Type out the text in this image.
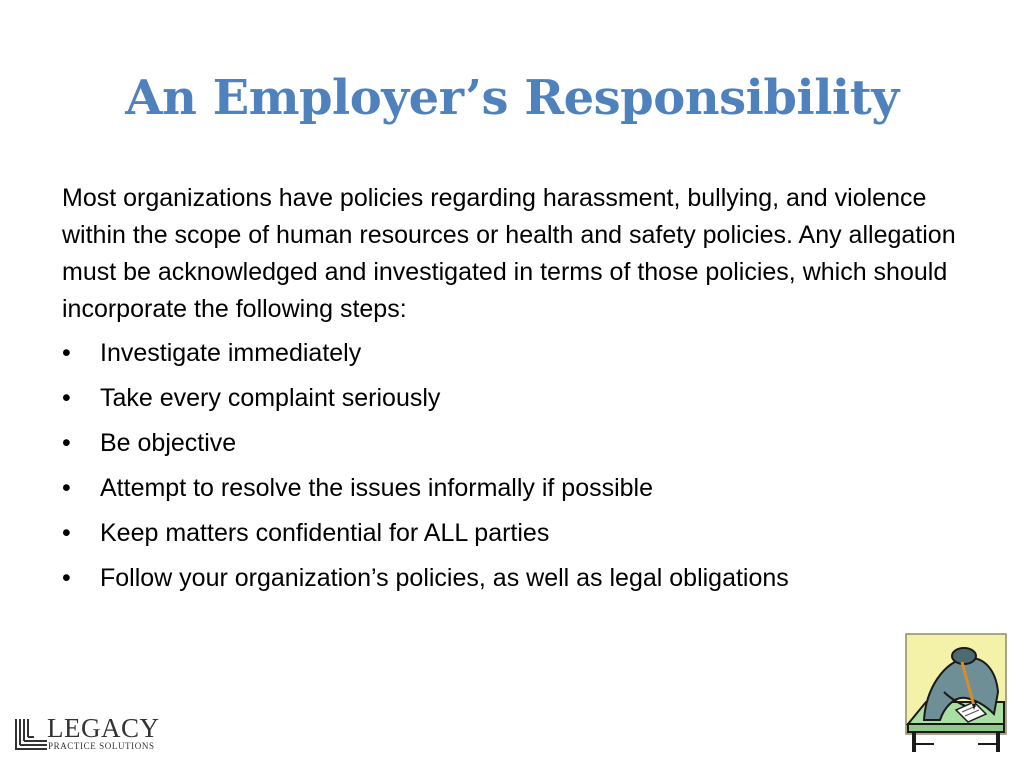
An Employer’s Responsibility

Most organizations have policies regarding harassment, bullying, and violence within the scope of human resources or health and safety policies. Any allegation must be acknowledged and investigated in terms of those policies, which should incorporate the following steps:

•	Investigate immediately
•	Take every complaint seriously
•	Be objective
•	Attempt to resolve the issues informally if possible
•	Keep matters confidential for ALL parties
•	Follow your organization’s policies, as well as legal obligations
LEGACY
PRACTICE SOLUTIONS
